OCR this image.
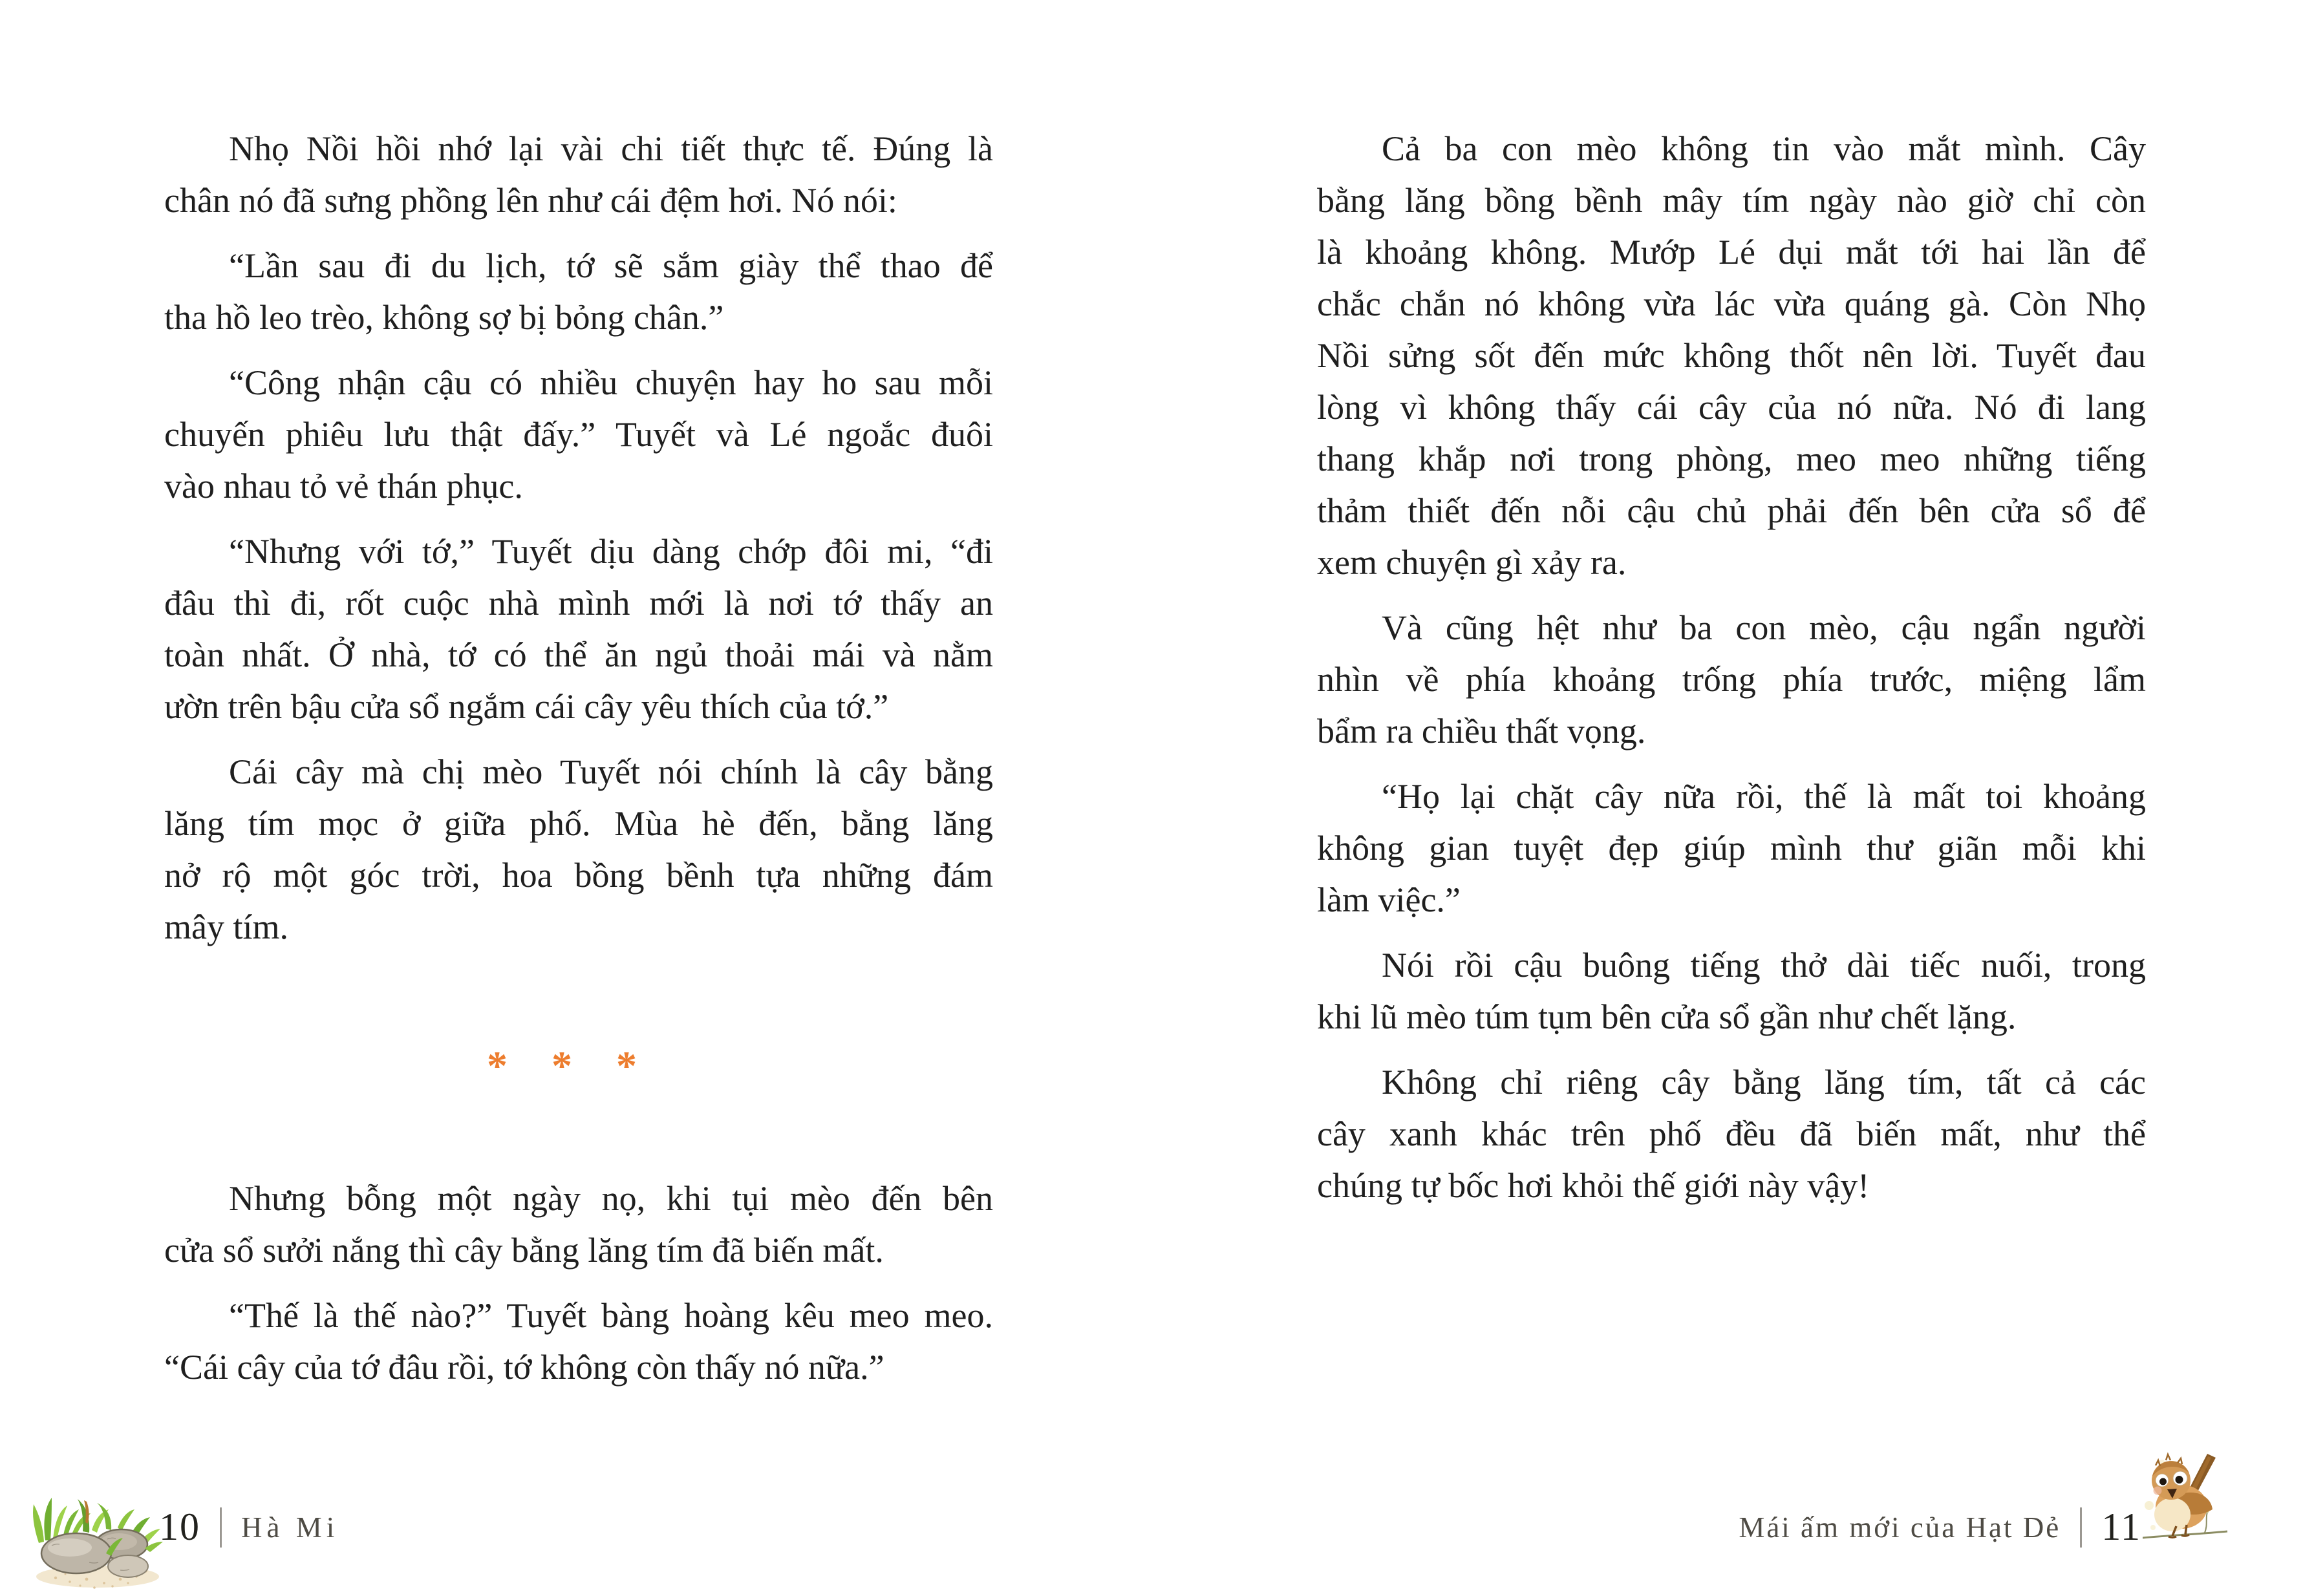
Nhọ Nồi hồi nhớ lại vài chi tiết thực tế. Đúng là
chân nó đã sưng phồng lên như cái đệm hơi. Nó nói:

“Lần sau đi du lịch, tớ sẽ sắm giày thể thao để
tha hồ leo trèo, không sợ bị bỏng chân.”

“Công nhận cậu có nhiều chuyện hay ho sau mỗi
chuyến phiêu lưu thật đấy.” Tuyết và Lé ngoắc đuôi
vào nhau tỏ vẻ thán phục.

“Nhưng với tớ,” Tuyết dịu dàng chớp đôi mi, “đi
đâu thì đi, rốt cuộc nhà mình mới là nơi tớ thấy an
toàn nhất. Ở nhà, tớ có thể ăn ngủ thoải mái và nằm
ườn trên bậu cửa sổ ngắm cái cây yêu thích của tớ.”

Cái cây mà chị mèo Tuyết nói chính là cây bằng
lăng tím mọc ở giữa phố. Mùa hè đến, bằng lăng
nở rộ một góc trời, hoa bồng bềnh tựa những đám
mây tím.

* * *

Nhưng bỗng một ngày nọ, khi tụi mèo đến bên
cửa sổ sưởi nắng thì cây bằng lăng tím đã biến mất.

“Thế là thế nào?” Tuyết bàng hoàng kêu meo meo.
“Cái cây của tớ đâu rồi, tớ không còn thấy nó nữa.”

10 Hà Mi

Cả ba con mèo không tin vào mắt mình. Cây
bằng lăng bồng bềnh mây tím ngày nào giờ chỉ còn
là khoảng không. Mướp Lé dụi mắt tới hai lần để
chắc chắn nó không vừa lác vừa quáng gà. Còn Nhọ
Nồi sửng sốt đến mức không thốt nên lời. Tuyết đau
lòng vì không thấy cái cây của nó nữa. Nó đi lang
thang khắp nơi trong phòng, meo meo những tiếng
thảm thiết đến nỗi cậu chủ phải đến bên cửa sổ để
xem chuyện gì xảy ra.

Và cũng hệt như ba con mèo, cậu ngẩn người
nhìn về phía khoảng trống phía trước, miệng lẩm
bẩm ra chiều thất vọng.

“Họ lại chặt cây nữa rồi, thế là mất toi khoảng
không gian tuyệt đẹp giúp mình thư giãn mỗi khi
làm việc.”

Nói rồi cậu buông tiếng thở dài tiếc nuối, trong
khi lũ mèo túm tụm bên cửa sổ gần như chết lặng.

Không chỉ riêng cây bằng lăng tím, tất cả các
cây xanh khác trên phố đều đã biến mất, như thể
chúng tự bốc hơi khỏi thế giới này vậy!

Mái ấm mới của Hạt Dẻ 11
